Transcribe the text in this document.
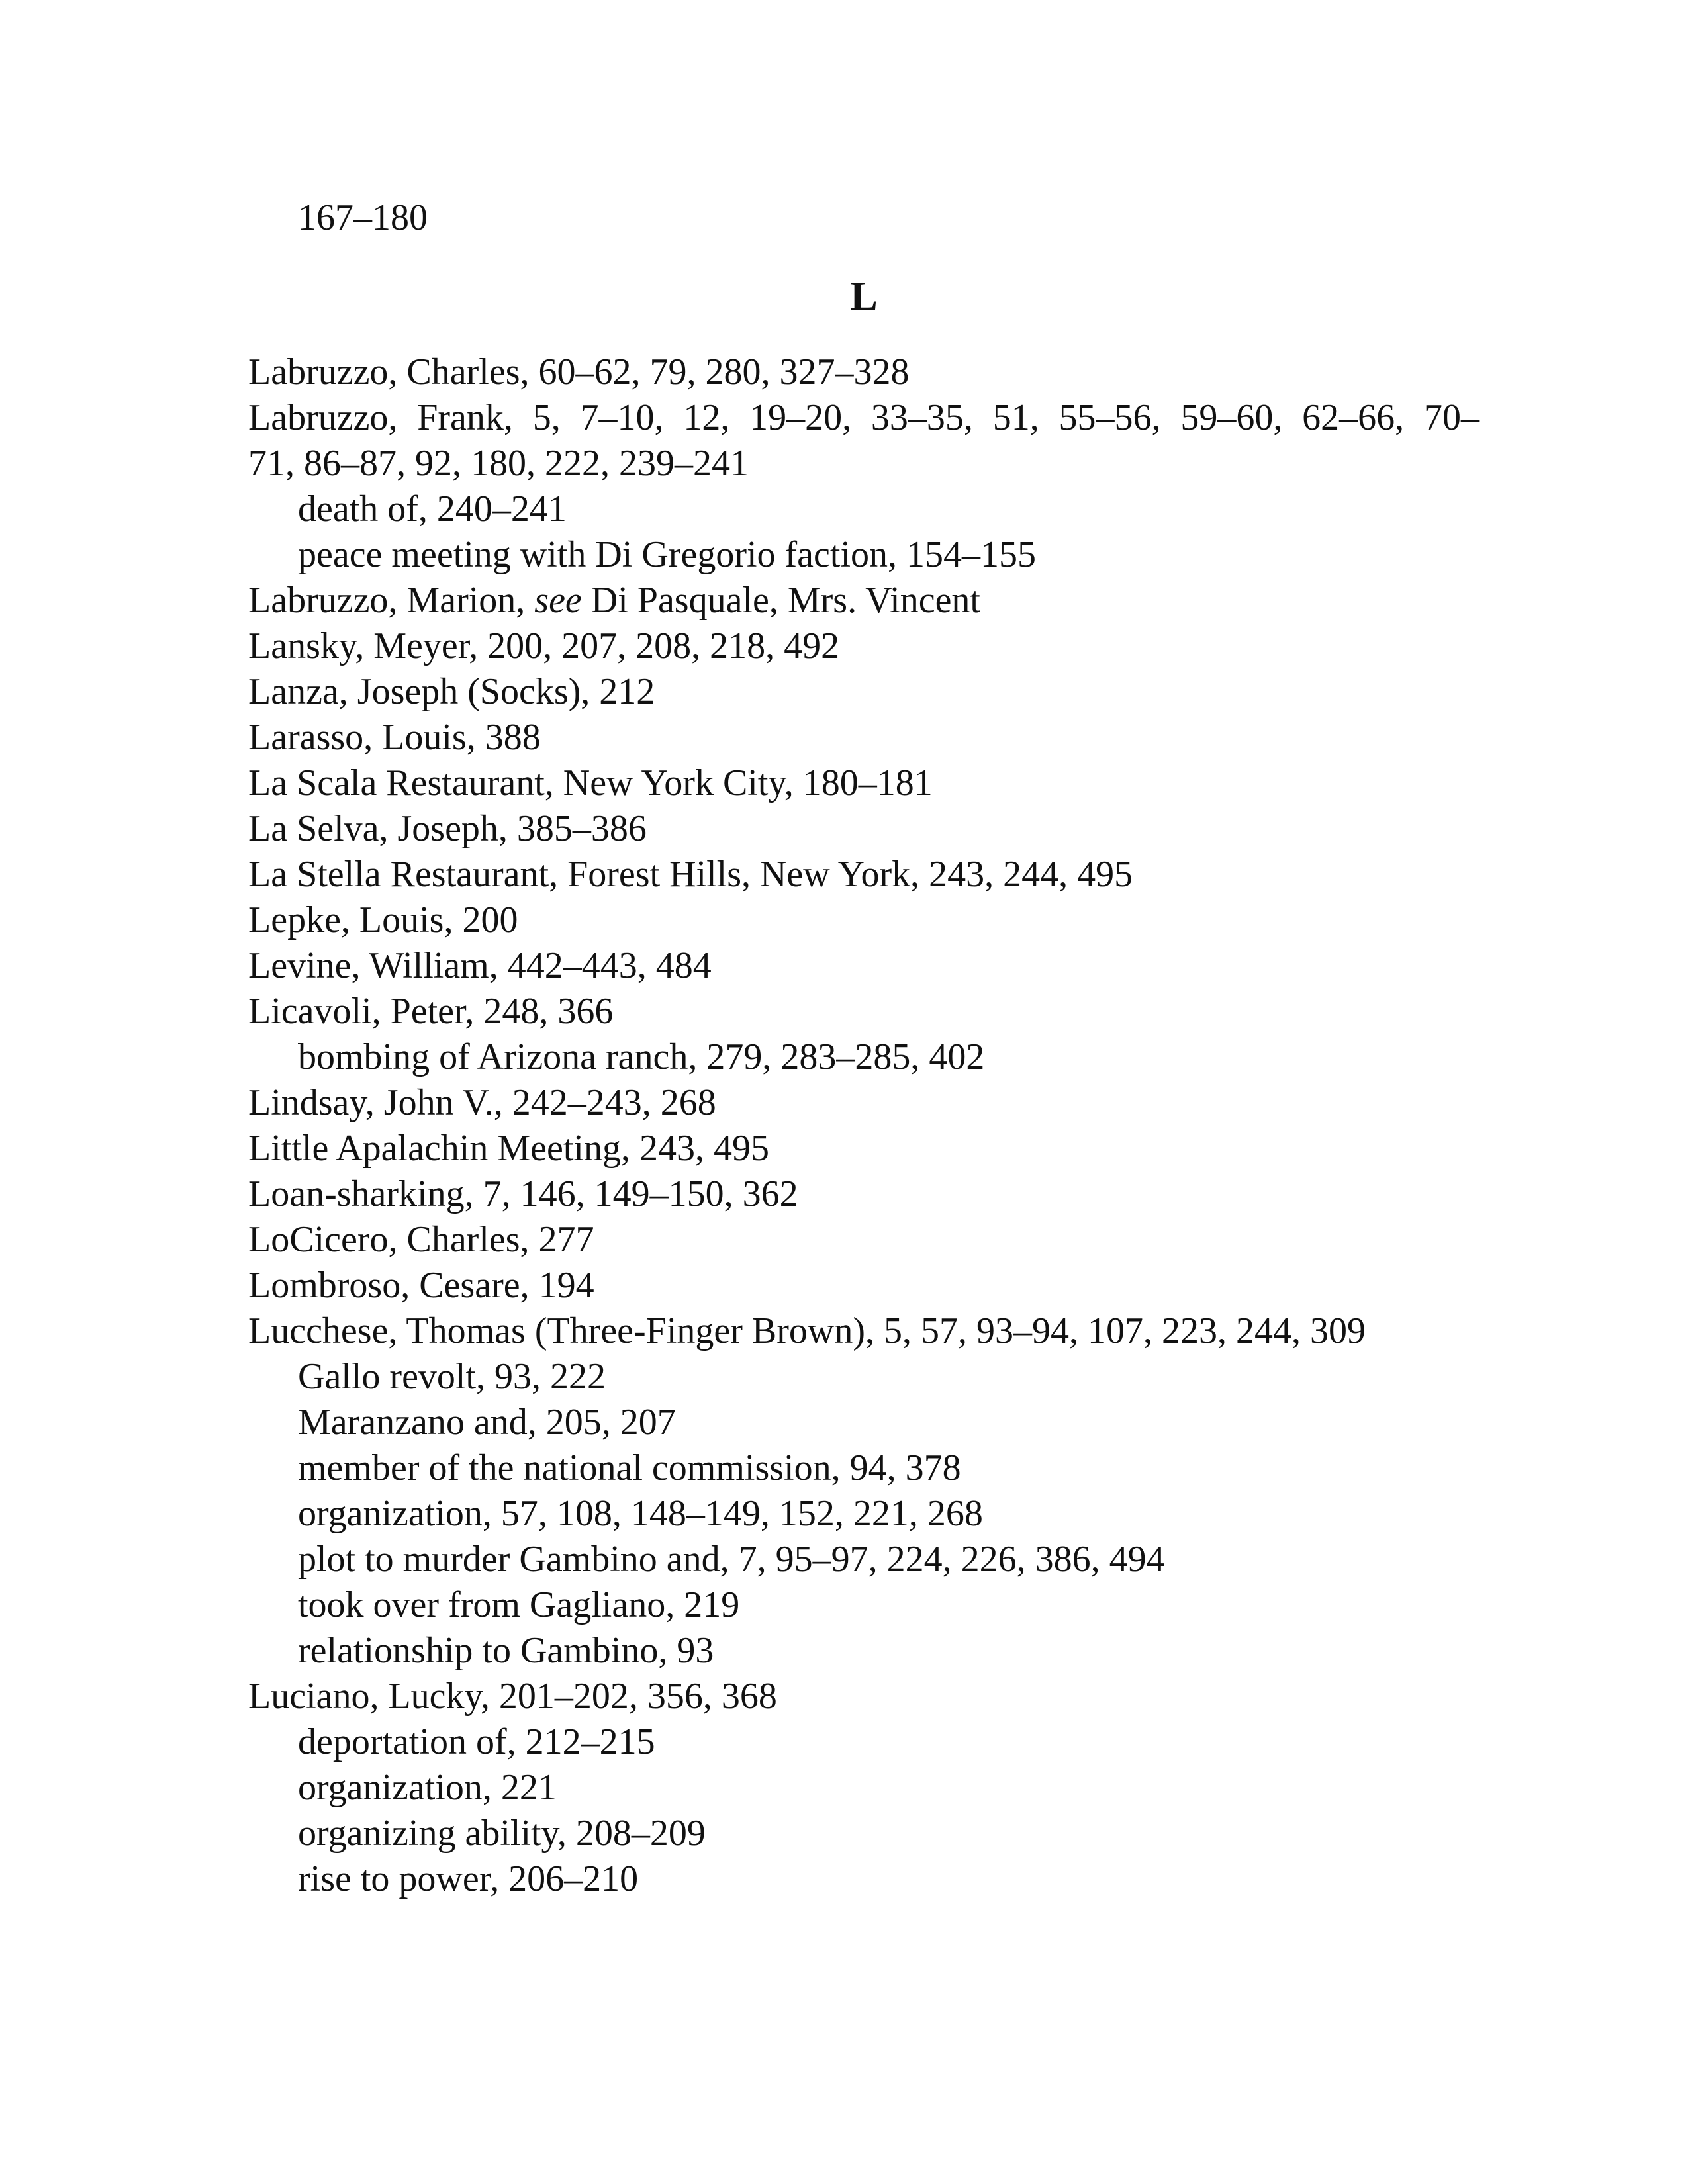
167–180

L

Labruzzo, Charles, 60–62, 79, 280, 327–328

Labruzzo, Frank, 5, 7–10, 12, 19–20, 33–35, 51, 55–56, 59–60, 62–66, 70–

71, 86–87, 92, 180, 222, 239–241

death of, 240–241

peace meeting with Di Gregorio faction, 154–155

Labruzzo, Marion, see Di Pasquale, Mrs. Vincent

Lansky, Meyer, 200, 207, 208, 218, 492

Lanza, Joseph (Socks), 212

Larasso, Louis, 388

La Scala Restaurant, New York City, 180–181

La Selva, Joseph, 385–386

La Stella Restaurant, Forest Hills, New York, 243, 244, 495

Lepke, Louis, 200

Levine, William, 442–443, 484

Licavoli, Peter, 248, 366

bombing of Arizona ranch, 279, 283–285, 402

Lindsay, John V., 242–243, 268

Little Apalachin Meeting, 243, 495

Loan-sharking, 7, 146, 149–150, 362

LoCicero, Charles, 277

Lombroso, Cesare, 194

Lucchese, Thomas (Three-Finger Brown), 5, 57, 93–94, 107, 223, 244, 309

Gallo revolt, 93, 222

Maranzano and, 205, 207

member of the national commission, 94, 378

organization, 57, 108, 148–149, 152, 221, 268

plot to murder Gambino and, 7, 95–97, 224, 226, 386, 494

took over from Gagliano, 219

relationship to Gambino, 93

Luciano, Lucky, 201–202, 356, 368

deportation of, 212–215

organization, 221

organizing ability, 208–209

rise to power, 206–210
